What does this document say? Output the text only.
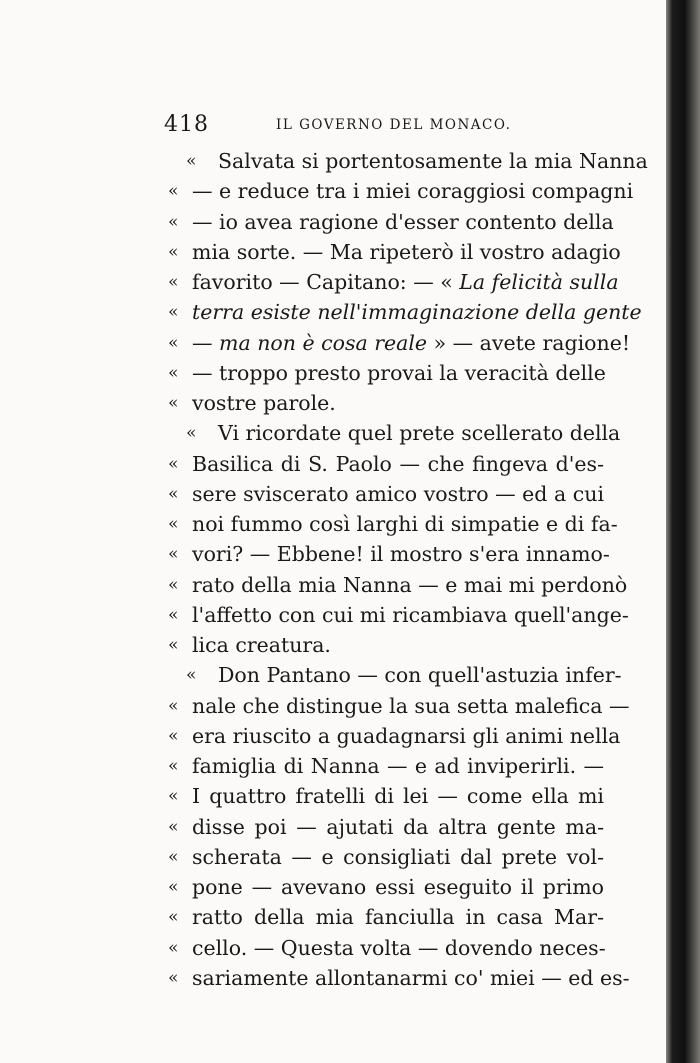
418	IL GOVERNO DEL MONACO.
« Salvata si portentosamente la mia Nanna
« — e reduce tra i miei coraggiosi compagni
« — io avea ragione d'esser contento della
« mia sorte. — Ma ripeterò il vostro adagio
« favorito — Capitano: — « La felicità sulla
« terra esiste nell'immaginazione della gente
« — ma non è cosa reale » — avete ragione!
« — troppo presto provai la veracità delle
« vostre parole.
« Vi ricordate quel prete scellerato della
« Basilica di S. Paolo — che fingeva d'es-
« sere sviscerato amico vostro — ed a cui
« noi fummo così larghi di simpatie e di fa-
« vori? — Ebbene! il mostro s'era innamo-
« rato della mia Nanna — e mai mi perdonò
« l'affetto con cui mi ricambiava quell'ange-
« lica creatura.
« Don Pantano — con quell'astuzia infer-
« nale che distingue la sua setta malefica —
« era riuscito a guadagnarsi gli animi nella
« famiglia di Nanna — e ad inviperirli. —
« I quattro fratelli di lei — come ella mi
« disse poi — ajutati da altra gente ma-
« scherata — e consigliati dal prete vol-
« pone — avevano essi eseguito il primo
« ratto della mia fanciulla in casa Mar-
« cello. — Questa volta — dovendo neces-
« sariamente allontanarmi co' miei — ed es-
